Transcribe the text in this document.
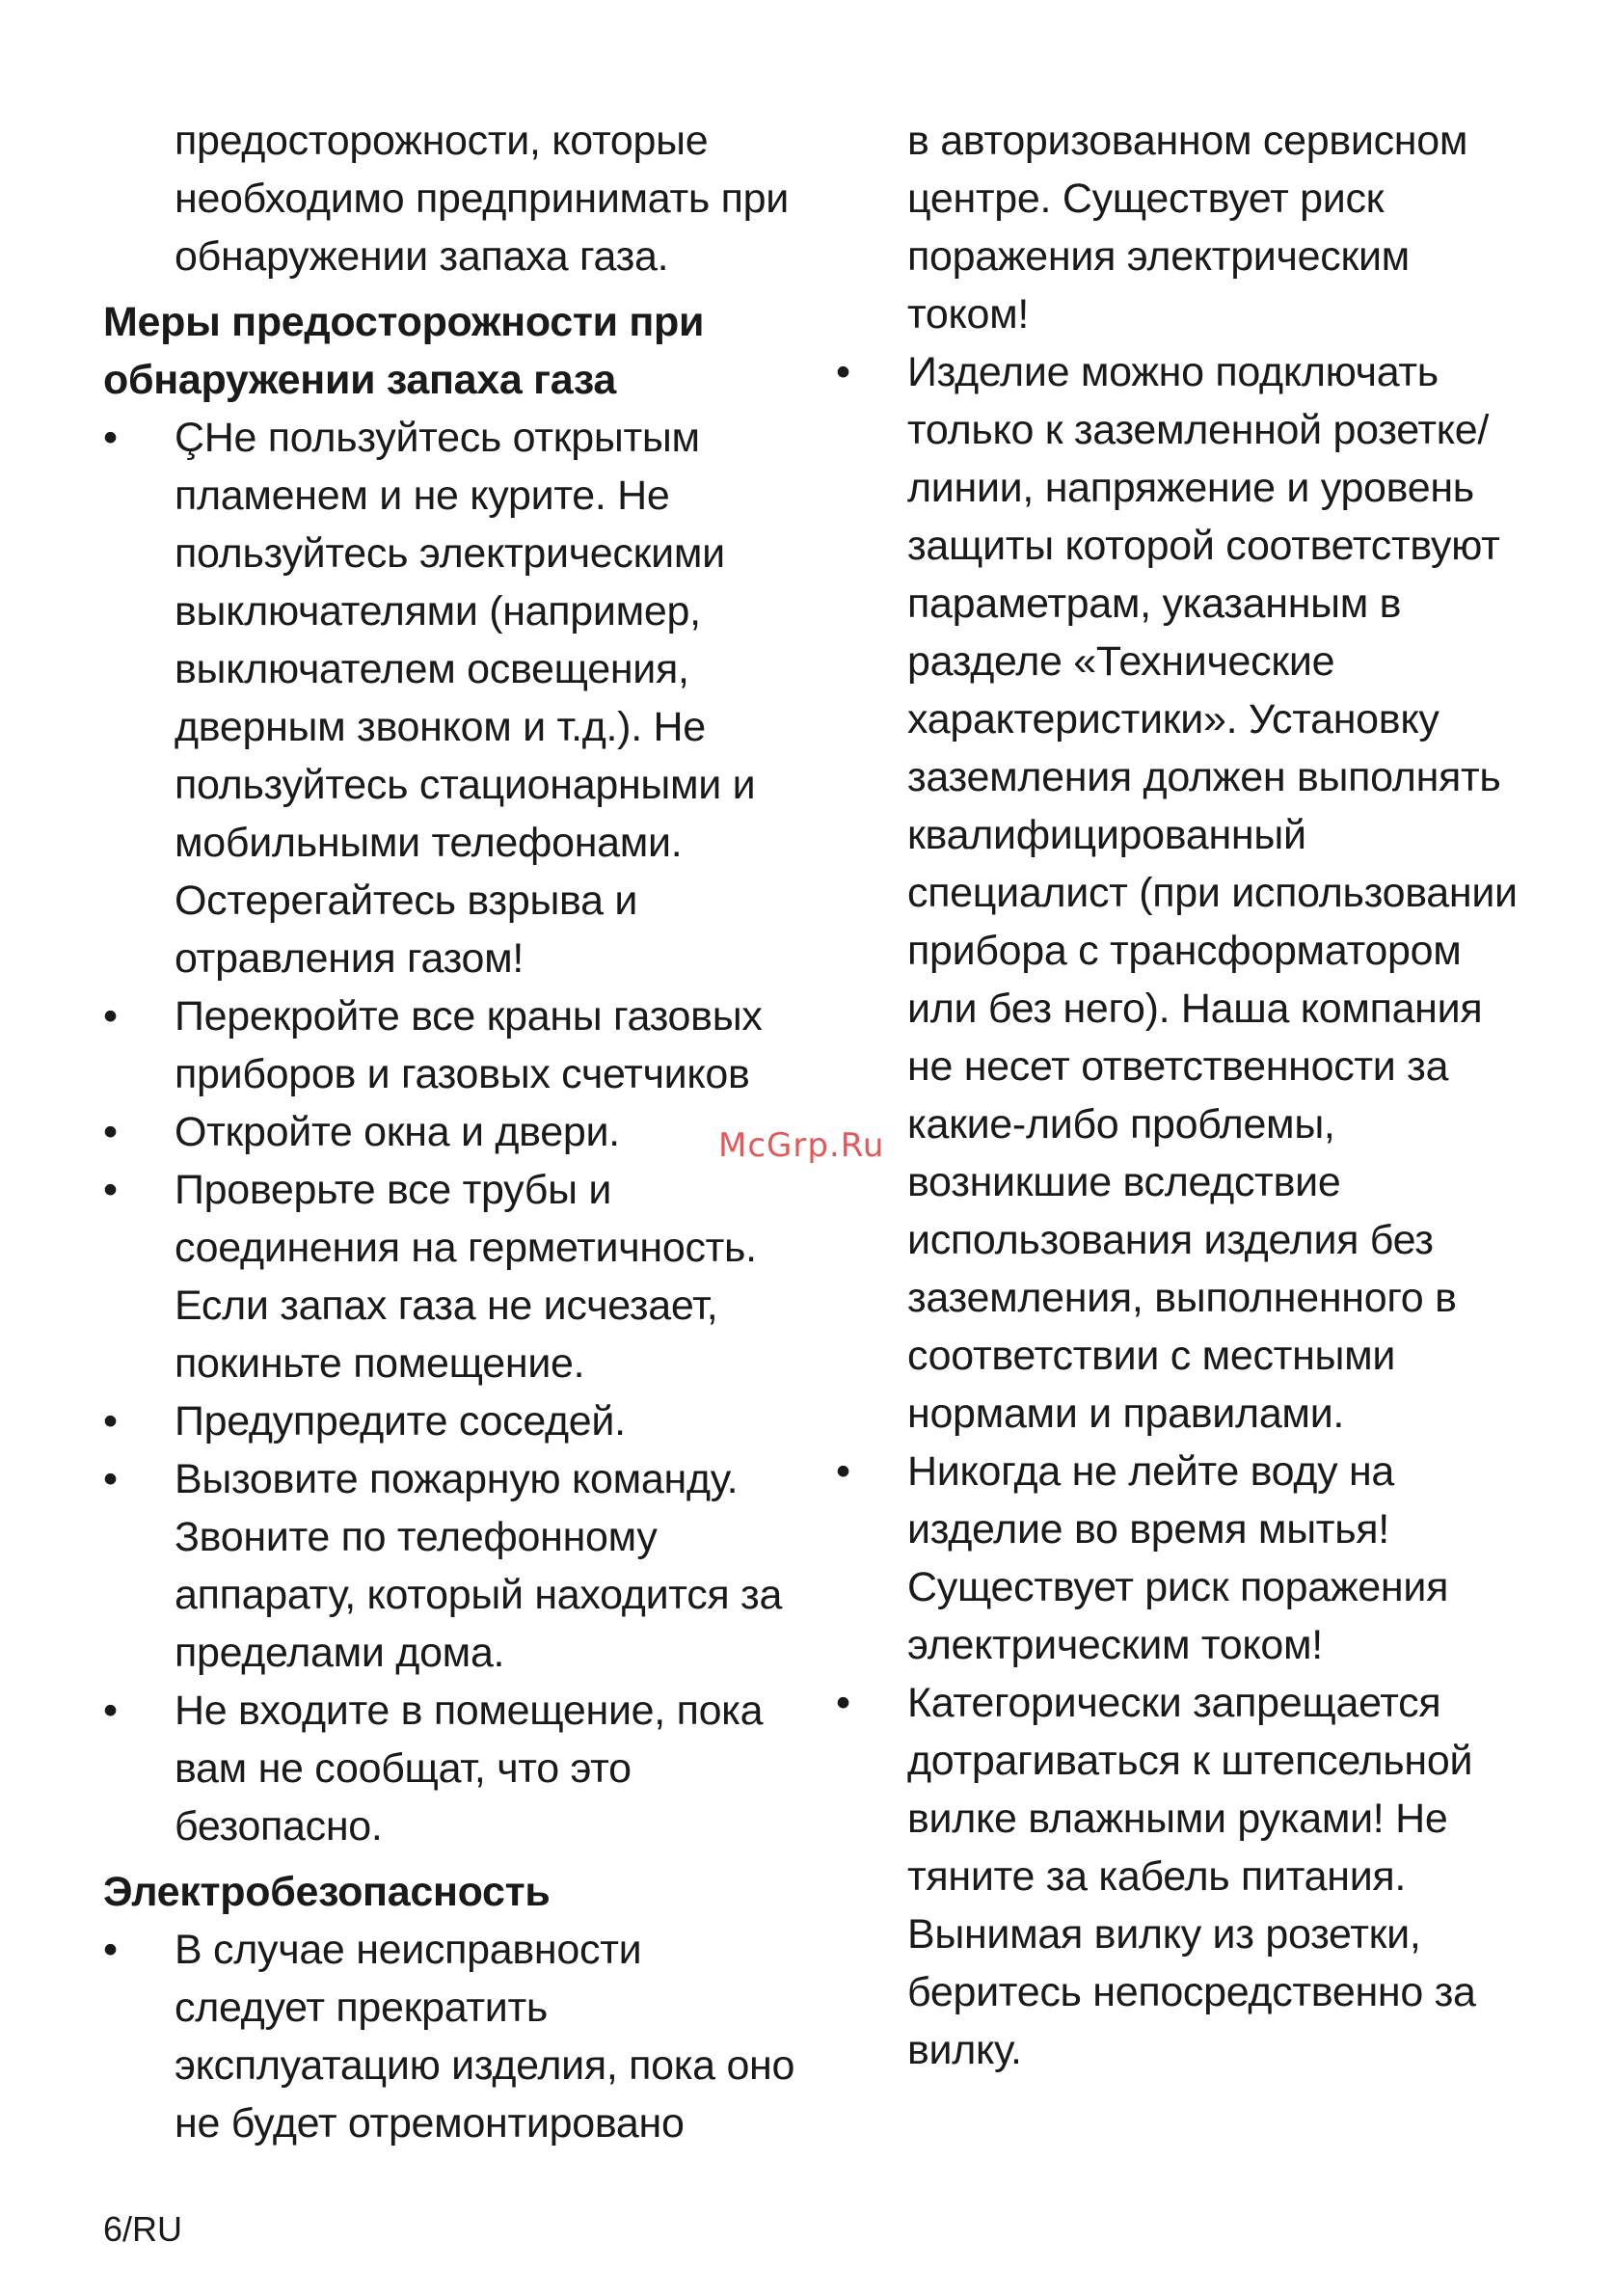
предосторожности, которые необходимо предпринимать при обнаружении запаха газа.

Меры предосторожности при обнаружении запаха газа
• ÇНе пользуйтесь открытым пламенем и не курите. Не пользуйтесь электрическими выключателями (например, выключателем освещения, дверным звонком и т.д.). Не пользуйтесь стационарными и мобильными телефонами. Остерегайтесь взрыва и отравления газом!
• Перекройте все краны газовых приборов и газовых счетчиков
• Откройте окна и двери.
• Проверьте все трубы и соединения на герметичность. Если запах газа не исчезает, покиньте помещение.
• Предупредите соседей.
• Вызовите пожарную команду. Звоните по телефонному аппарату, который находится за пределами дома.
• Не входите в помещение, пока вам не сообщат, что это безопасно.
Электробезопасность
• В случае неисправности следует прекратить эксплуатацию изделия, пока оно не будет отремонтировано

в авторизованном сервисном центре. Существует риск поражения электрическим током!

• Изделие можно подключать только к заземленной розетке/линии, напряжение и уровень защиты которой соответствуют параметрам, указанным в разделе «Технические характеристики». Установку заземления должен выполнять квалифицированный специалист (при использовании прибора с трансформатором или без него). Наша компания не несет ответственности за какие-либо проблемы, возникшие вследствие использования изделия без заземления, выполненного в соответствии с местными нормами и правилами.
• Никогда не лейте воду на изделие во время мытья! Существует риск поражения электрическим током!
• Категорически запрещается дотрагиваться к штепсельной вилке влажными руками! Не тяните за кабель питания. Вынимая вилку из розетки, беритесь непосредственно за вилку.
McGrp.Ru
6/RU
